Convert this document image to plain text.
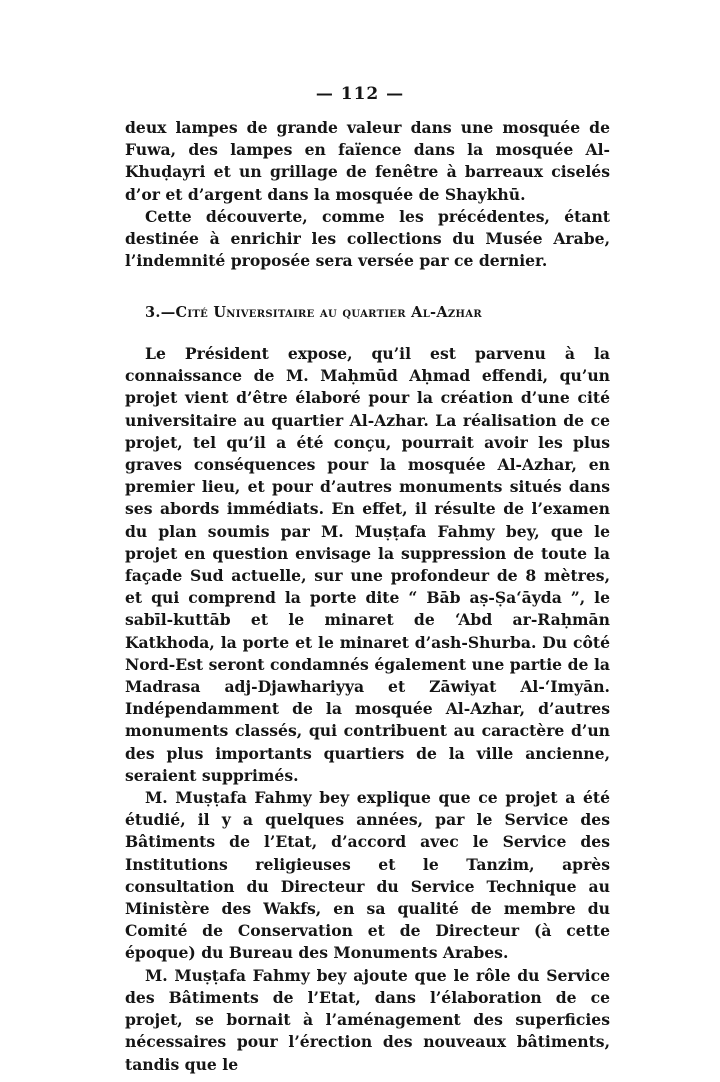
— 112 —

deux lampes de grande valeur dans une mosquée de Fuwa, des lampes en faïence dans la mosquée Al-Khuḍayri et un grillage de fenêtre à barreaux ciselés d’or et d’argent dans la mosquée de Shaykhū.

Cette découverte, comme les précédentes, étant destinée à enrichir les collections du Musée Arabe, l’indemnité proposée sera versée par ce dernier.

3.—Cité Universitaire au quartier Al-Azhar

Le Président expose, qu’il est parvenu à la connaissance de M. Maḥmūd Aḥmad effendi, qu’un projet vient d’être élaboré pour la création d’une cité universitaire au quartier Al-Azhar. La réalisation de ce projet, tel qu’il a été conçu, pourrait avoir les plus graves conséquences pour la mosquée Al-Azhar, en premier lieu, et pour d’autres monuments situés dans ses abords immédiats. En effet, il résulte de l’examen du plan soumis par M. Muṣṭafa Fahmy bey, que le projet en question envisage la suppression de toute la façade Sud actuelle, sur une profondeur de 8 mètres, et qui comprend la porte dite “ Bāb aṣ-Ṣa‘āyda ”, le sabīl-kuttāb et le minaret de ‘Abd ar-Raḥmān Katkhoda, la porte et le minaret d’ash-Shurba. Du côté Nord-Est seront condamnés également une partie de la Madrasa adj-Djawhariyya et Zāwiyat Al-‘Imyān. Indépendamment de la mosquée Al-Azhar, d’autres monuments classés, qui contribuent au caractère d’un des plus importants quartiers de la ville ancienne, seraient supprimés.

M. Muṣṭafa Fahmy bey explique que ce projet a été étudié, il y a quelques années, par le Service des Bâtiments de l’Etat, d’accord avec le Service des Institutions religieuses et le Tanzim, après consultation du Directeur du Service Technique au Ministère des Wakfs, en sa qualité de membre du Comité de Conservation et de Directeur (à cette époque) du Bureau des Monuments Arabes.

M. Muṣṭafa Fahmy bey ajoute que le rôle du Service des Bâtiments de l’Etat, dans l’élaboration de ce projet, se bornait à l’aménagement des superficies nécessaires pour l’érection des nouveaux bâtiments, tandis que le
